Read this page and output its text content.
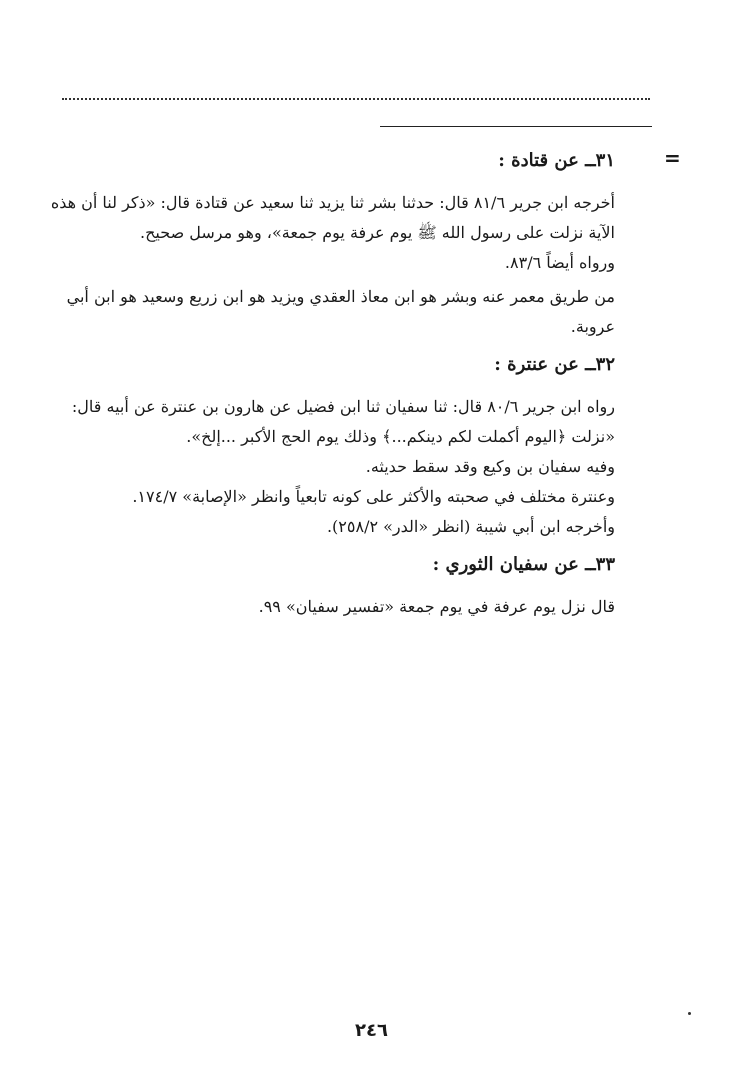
=
٣١ــ عن قتادة :

أخرجه ابن جرير ٨١/٦ قال: حدثنا بشر ثنا يزيد ثنا سعيد عن قتادة قال: «ذكر لنا أن هذه الآية نزلت على رسول الله ﷺ يوم عرفة يوم جمعة»، وهو مرسل صحيح.

ورواه أيضاً ٨٣/٦.

من طريق معمر عنه وبشر هو ابن معاذ العقدي ويزيد هو ابن زريع وسعيد هو ابن أبي عروبة.

٣٢ــ عن عنترة :

رواه ابن جرير ٨٠/٦ قال: ثنا سفيان ثنا ابن فضيل عن هارون بن عنترة عن أبيه قال: «نزلت ﴿اليوم أكملت لكم دينكم...﴾ وذلك يوم الحج الأكبر ...إلخ».

وفيه سفيان بن وكيع وقد سقط حديثه.

وعنترة مختلف في صحبته والأكثر على كونه تابعياً وانظر «الإصابة» ١٧٤/٧.

وأخرجه ابن أبي شيبة (انظر «الدر» ٢٥٨/٢).

٣٣ــ عن سفيان الثوري :

قال نزل يوم عرفة في يوم جمعة «تفسير سفيان» ٩٩.

٢٤٦
